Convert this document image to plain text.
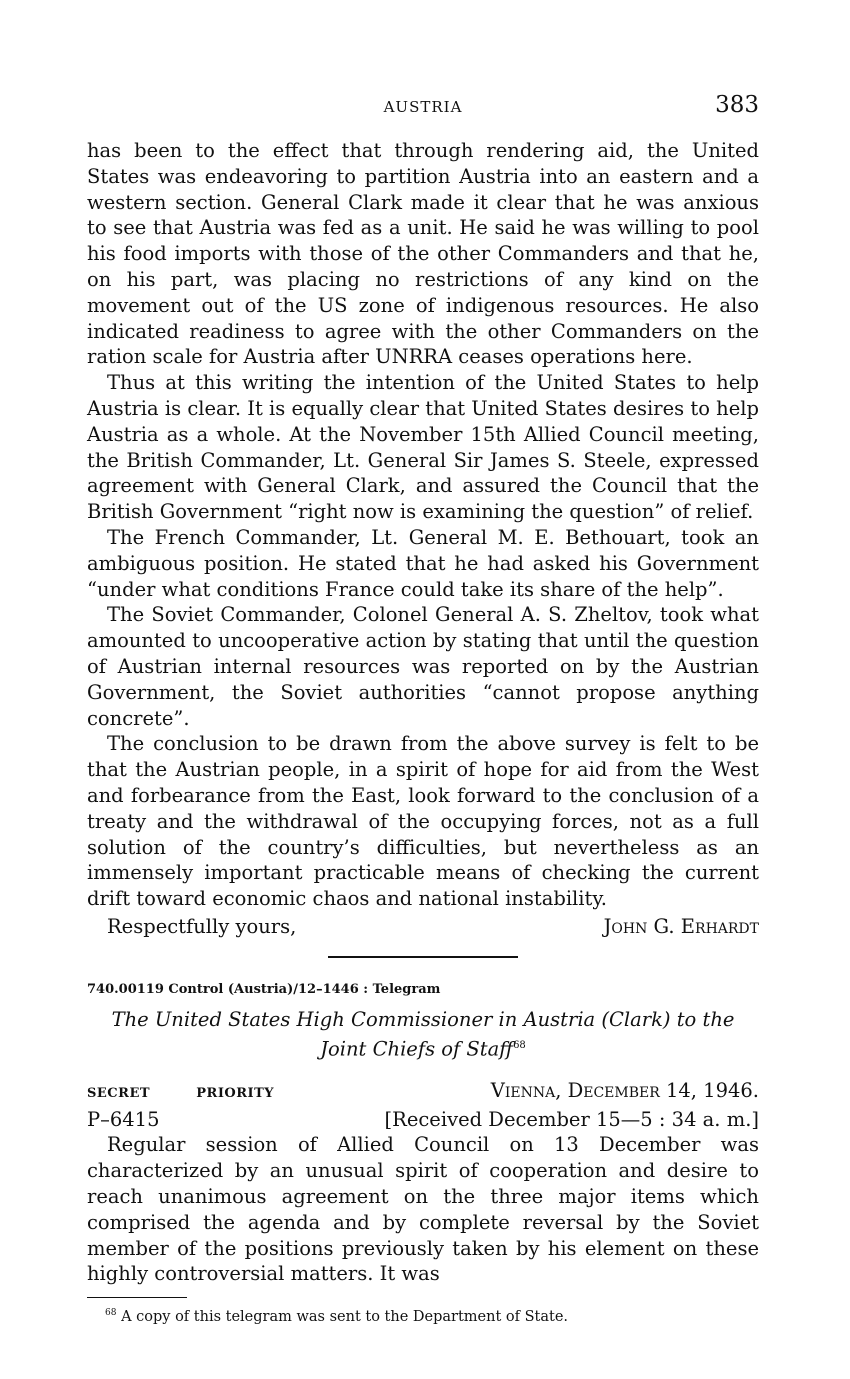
AUSTRIA	383

has been to the effect that through rendering aid, the United States was endeavoring to partition Austria into an eastern and a western section. General Clark made it clear that he was anxious to see that Austria was fed as a unit. He said he was willing to pool his food imports with those of the other Commanders and that he, on his part, was placing no restrictions of any kind on the movement out of the US zone of indigenous resources. He also indicated readiness to agree with the other Commanders on the ration scale for Austria after UNRRA ceases operations here.

Thus at this writing the intention of the United States to help Austria is clear. It is equally clear that United States desires to help Austria as a whole. At the November 15th Allied Council meeting, the British Commander, Lt. General Sir James S. Steele, expressed agreement with General Clark, and assured the Council that the British Government “right now is examining the question” of relief.

The French Commander, Lt. General M. E. Bethouart, took an ambiguous position. He stated that he had asked his Government “under what conditions France could take its share of the help”.

The Soviet Commander, Colonel General A. S. Zheltov, took what amounted to uncooperative action by stating that until the question of Austrian internal resources was reported on by the Austrian Government, the Soviet authorities “cannot propose anything concrete”.

The conclusion to be drawn from the above survey is felt to be that the Austrian people, in a spirit of hope for aid from the West and forbearance from the East, look forward to the conclusion of a treaty and the withdrawal of the occupying forces, not as a full solution of the country’s difficulties, but nevertheless as an immensely important practicable means of checking the current drift toward economic chaos and national instability.

Respectfully yours,	John G. Erhardt
740.00119 Control (Austria)/12–1446 : Telegram
The United States High Commissioner in Austria (Clark) to the Joint Chiefs of Staff$^{68}$
SECRET	PRIORITY	Vienna, December 14, 1946.
P–6415	[Received December 15—5 : 34 a. m.]

Regular session of Allied Council on 13 December was characterized by an unusual spirit of cooperation and desire to reach unanimous agreement on the three major items which comprised the agenda and by complete reversal by the Soviet member of the positions previously taken by his element on these highly controversial matters. It was

$^{68}$ A copy of this telegram was sent to the Department of State.
